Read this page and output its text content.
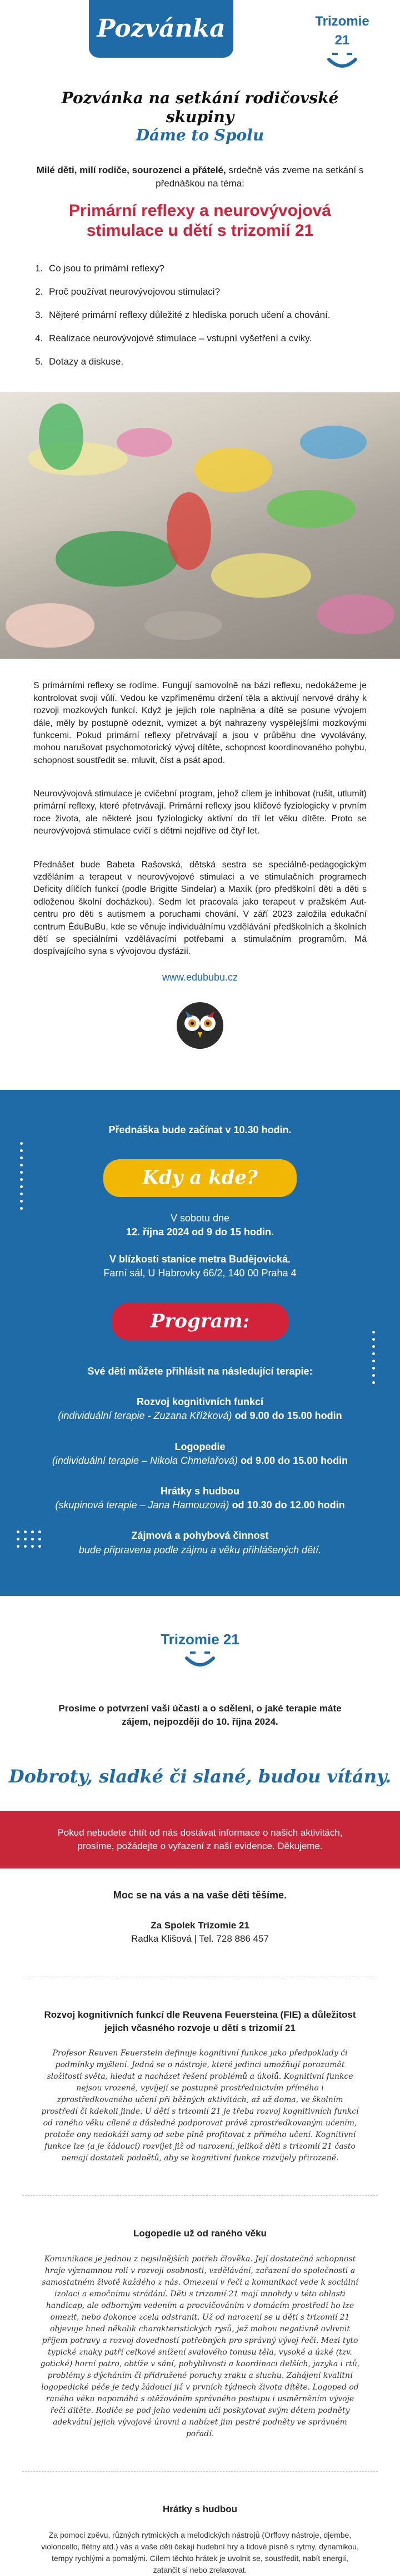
Pozvánka	Trizomie 21
Pozvánka na setkání rodičovské skupiny
Dáme to Spolu

Milé děti, milí rodiče, sourozenci a přátelé, srdečně vás zveme na setkání s přednáškou na téma:

Primární reflexy a neurovývojová stimulace u dětí s trizomií 21
1. Co jsou to primární reflexy?
2. Proč používat neurovývojovou stimulaci?
3. Nějteré primární reflexy důležité z hlediska poruch učení a chování.
4. Realizace neurovývojové stimulace – vstupní vyšetření a cviky.
5. Dotazy a diskuse.

S primárními reflexy se rodíme. Fungují samovolně na bázi reflexu, nedokážeme je kontrolovat svoji vůlí. Vedou ke vzpřímenému držení těla a aktivují nervové dráhy k rozvoji mozkových funkcí. Když je jejich role naplněna a dítě se posune vývojem dále, měly by postupně odeznít, vymizet a být nahrazeny vyspělejšími mozkovými funkcemi. Pokud primární reflexy přetrvávají a jsou v průběhu dne vyvolávány, mohou narušovat psychomotorický vývoj dítěte, schopnost koordinovaného pohybu, schopnost soustředit se, mluvit, číst a psát apod.

Neurovývojová stimulace je cvičební program, jehož cílem je inhibovat (rušit, utlumit) primární reflexy, které přetrvávají. Primární reflexy jsou klíčové fyziologicky v prvním roce života, ale některé jsou fyziologicky aktivní do tří let věku dítěte. Proto se neurovývojová stimulace cvičí s dětmi nejdříve od čtyř let.

Přednášet bude Babeta Rašovská, dětská sestra se speciálně-pedagogickým vzděláním a terapeut v neurovývojové stimulaci a ve stimulačních programech Deficity dílčích funkcí (podle Brigitte Sindelar) a Maxík (pro předškolní děti a děti s odloženou školní docházkou). Sedm let pracovala jako terapeut v pražském Aut-centru pro děti s autismem a poruchami chování. V září 2023 založila edukační centrum ÉduBuBu, kde se věnuje individuálnímu vzdělávání předškolních a školních dětí se speciálními vzdělávacími potřebami a stimulačním programům. Má dospívajícího syna s vývojovou dysfázií.

www.edububu.cz
Přednáška bude začínat v 10.30 hodin.
Kdy a kde?
V sobotu dne
12. října 2024 od 9 do 15 hodin.
V blízkosti stanice metra Budějovická.
Farní sál, U Habrovky 66/2, 140 00 Praha 4
Program:
Své děti můžete přihlásit na následující terapie:
Rozvoj kognitivních funkcí
(individuální terapie - Zuzana Křížková) od 9.00 do 15.00 hodin
Logopedie
(individuální terapie – Nikola Chmelařová) od 9.00 do 15.00 hodin
Hrátky s hudbou
(skupinová terapie – Jana Hamouzová) od 10.30 do 12.00 hodin
Zájmová a pohybová činnost
bude připravena podle zájmu a věku přihlášených dětí.
Trizomie 21
Prosíme o potvrzení vaší účasti a o sdělení, o jaké terapie máte zájem, nejpozději do 10. října 2024.
Dobroty, sladké či slané, budou vítány.
Pokud nebudete chtít od nás dostávat informace o našich aktivitách, prosíme, požádejte o vyřazení z naší evidence. Děkujeme.
Moc se na vás a na vaše děti těšíme.
Za Spolek Trizomie 21
Radka Klišová | Tel. 728 886 457
Rozvoj kognitivních funkcí dle Reuvena Feuersteina (FIE) a důležitost jejich včasného rozvoje u dětí s trizomií 21
Profesor Reuven Feuerstein definuje kognitivní funkce jako předpoklady či podmínky myšlení. Jedná se o nástroje, které jedinci umožňují porozumět složitosti světa, hledat a nacházet řešení problémů a úkolů. Kognitivní funkce nejsou vrozené, vyvíjejí se postupně prostřednictvím přímého i zprostředkovaného učení při běžných aktivitách, až už doma, ve školním prostředí či kdekoli jinde. U dětí s trizomií 21 je třeba rozvoj kognitivních funkcí od raného věku cíleně a důsledně podporovat právě zprostředkovaným učením, protože ony nedokáží samy od sebe plně profitovat z přímého učení. Kognitivní funkce lze (a je žádoucí) rozvíjet již od narození, jelikož děti s trizomií 21 často nemají dostatek podnětů, aby se kognitivní funkce rozvíjely přirozeně.
Logopedie už od raného věku
Komunikace je jednou z nejsilnějších potřeb člověka. Její dostatečná schopnost hraje významnou roli v rozvoji osobnosti, vzdělávání, zařazení do společnosti a samostatném životě každého z nás. Omezení v řeči a komunikaci vede k sociální izolaci a emočnímu strádání. Děti s trizomií 21 mají mnohdy v této oblasti handicap, ale odborným vedením a procvičováním v domácím prostředí ho lze omezit, nebo dokonce zcela odstranit. Už od narození se u dětí s trizomií 21 objevuje hned několik charakteristických rysů, jež mohou negativně ovlivnit příjem potravy a rozvoj dovedností potřebných pro správný vývoj řeči. Mezi tyto typické znaky patří celkové snížení svalového tonusu těla, vysoké a úzké (tzv. gotické) horní patro, obtíže v sání, pohyblivosti a koordinaci delších, jazyka i rtů, problémy s dýcháním či přidružené poruchy zraku a sluchu. Zahájení kvalitní logopedické péče je tedy žádoucí již v prvních týdnech života dítěte. Logoped od raného věku napomáhá s otěžováním správného postupu i usměrněním vývoje řeči dítěte. Rodiče se pod jeho vedením učí poskytovat svým dětem podněty adekvátní jejich vývojové úrovni a nabízet jim pestré podněty ve správném pořadí.
Hrátky s hudbou
Za pomoci zpěvu, různých rytmických a melodických nástrojů (Orffovy nástroje, djembe, violoncello, flétny atd.) vás a vaše děti čekají hudební hry a lidové písně s rytmy, dynamikou, tempy rychlými a pomalými. Cílem těchto hrátek je uvolnit se, soustředit, nabít energií, zatančit si nebo zrelaxovat.
